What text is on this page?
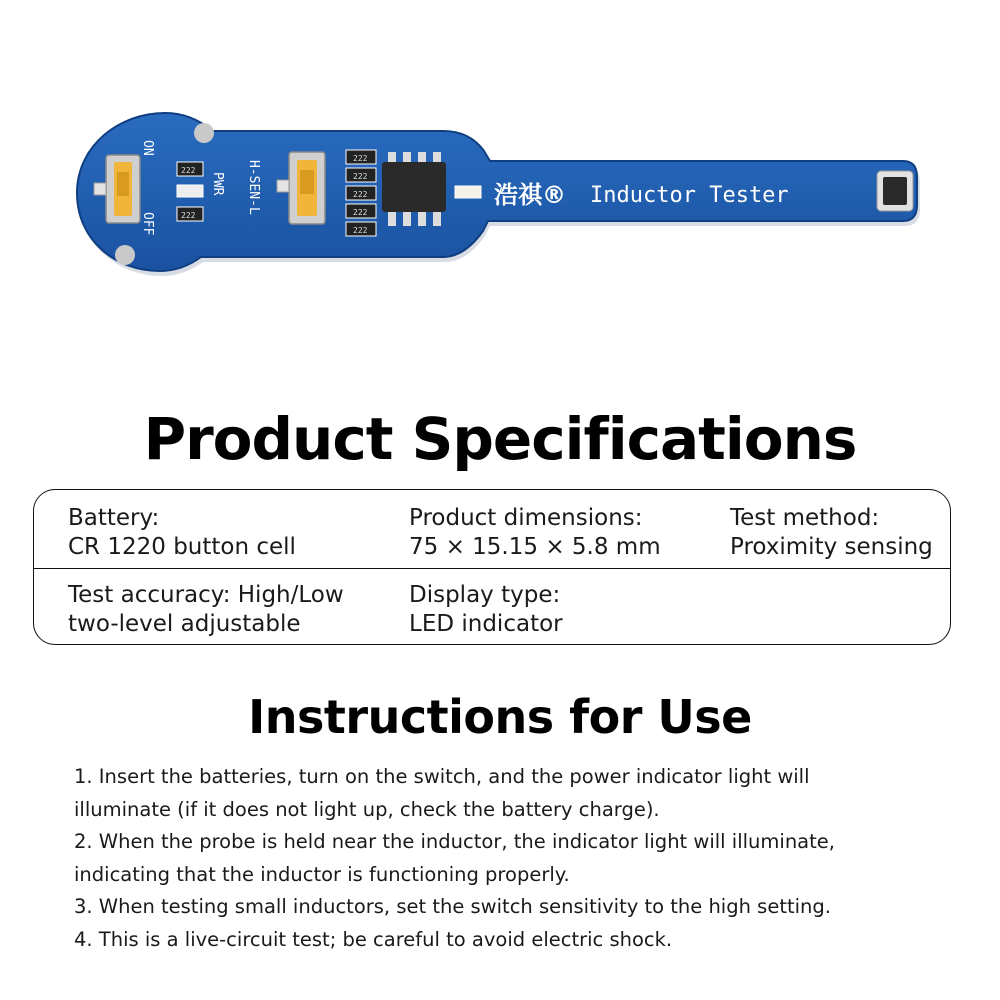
ON
OFF
222
222
PWR H-SEN-L
222
222
222
222
222
浩祺® Inductor Tester
Product Specifications
Battery:
CR 1220 button cell
Product dimensions:
75 × 15.15 × 5.8 mm
Test method:
Proximity sensing
Test accuracy: High/Low
two-level adjustable
Display type:
LED indicator
Instructions for Use

1. Insert the batteries, turn on the switch, and the power indicator light will

illuminate (if it does not light up, check the battery charge).

2. When the probe is held near the inductor, the indicator light will illuminate,

indicating that the inductor is functioning properly.

3. When testing small inductors, set the switch sensitivity to the high setting.

4. This is a live-circuit test; be careful to avoid electric shock.
